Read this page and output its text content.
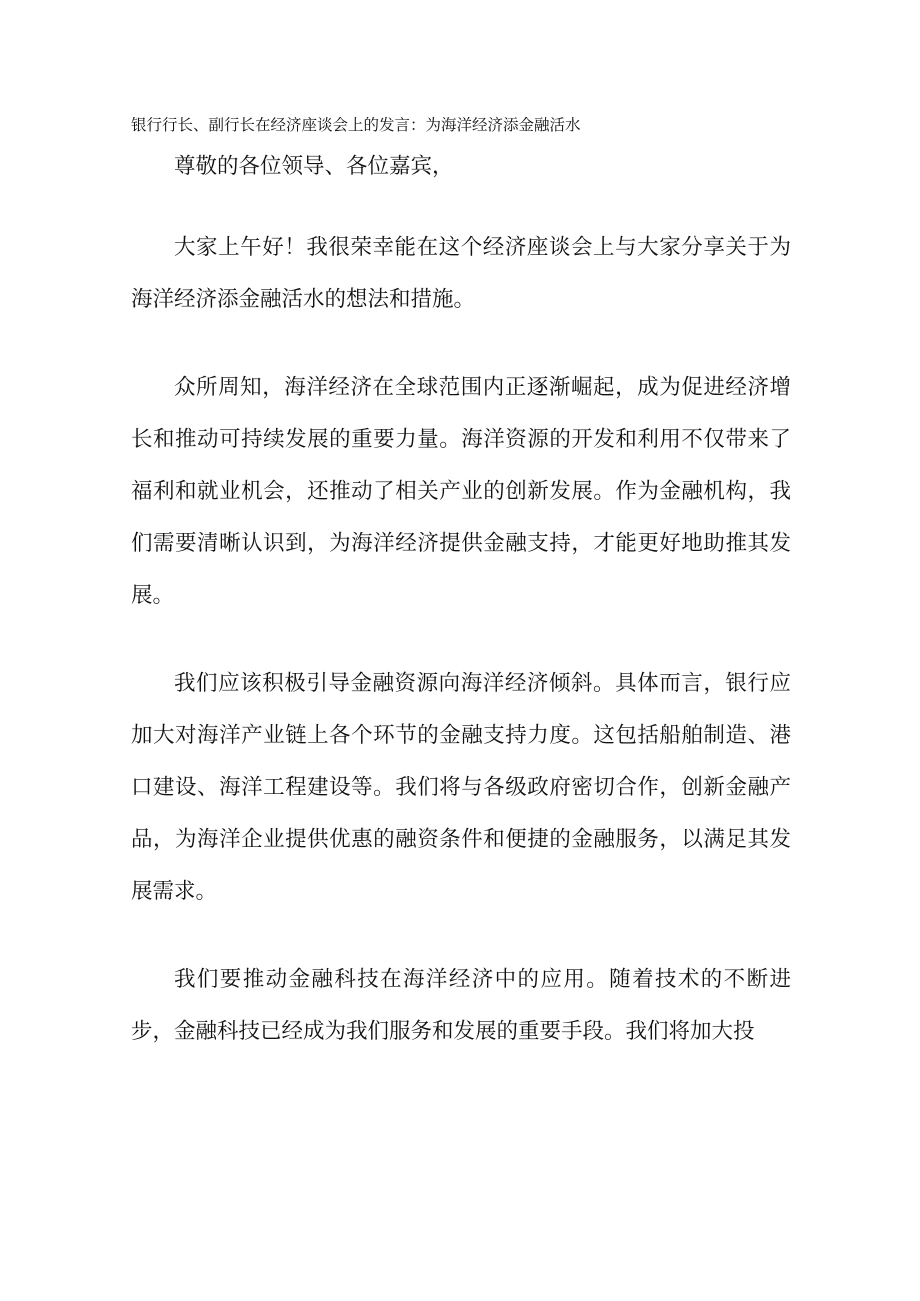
银行行长、副行长在经济座谈会上的发言：为海洋经济添金融活水

尊敬的各位领导、各位嘉宾，

大家上午好！我很荣幸能在这个经济座谈会上与大家分享关于为海洋经济添金融活水的想法和措施。

众所周知，海洋经济在全球范围内正逐渐崛起，成为促进经济增长和推动可持续发展的重要力量。海洋资源的开发和利用不仅带来了福利和就业机会，还推动了相关产业的创新发展。作为金融机构，我们需要清晰认识到，为海洋经济提供金融支持，才能更好地助推其发展。

我们应该积极引导金融资源向海洋经济倾斜。具体而言，银行应加大对海洋产业链上各个环节的金融支持力度。这包括船舶制造、港口建设、海洋工程建设等。我们将与各级政府密切合作，创新金融产品，为海洋企业提供优惠的融资条件和便捷的金融服务，以满足其发展需求。

我们要推动金融科技在海洋经济中的应用。随着技术的不断进步，金融科技已经成为我们服务和发展的重要手段。我们将加大投
